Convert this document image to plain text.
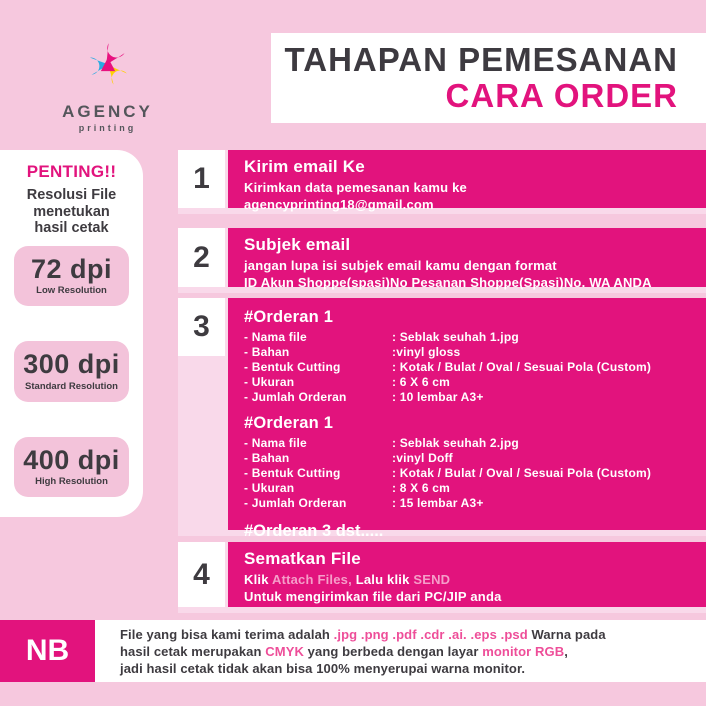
AGENCY
printing
TAHAPAN PEMESANAN
CARA ORDER
PENTING!!
Resolusi File
menetukan
hasil cetak
72 dpi
Low Resolution
300 dpi
Standard Resolution
400 dpi
High Resolution
1	Kirim email Ke
Kirimkan data pemesanan kamu ke
agencyprinting18@gmail.com
2	Subjek email
jangan lupa isi subjek email kamu dengan format
ID Akun Shoppe(spasi)No Pesanan Shoppe(Spasi)No. WA ANDA
3	#Orderan 1
- Nama file	: Seblak seuhah 1.jpg
- Bahan	:vinyl gloss
- Bentuk Cutting	: Kotak / Bulat / Oval / Sesuai Pola (Custom)
- Ukuran	: 6 X 6 cm
- Jumlah Orderan	: 10 lembar A3+
#Orderan 1
- Nama file	: Seblak seuhah 2.jpg
- Bahan	:vinyl Doff
- Bentuk Cutting	: Kotak / Bulat / Oval / Sesuai Pola (Custom)
- Ukuran	: 8 X 6 cm
- Jumlah Orderan	: 15 lembar A3+
#Orderan 3 dst.....
4	Sematkan File
Klik Attach Files, Lalu klik SEND
Untuk mengirimkan file dari PC/JIP anda
NB	File yang bisa kami terima adalah .jpg .png .pdf .cdr .ai. .eps .psd Warna pada
hasil cetak merupakan CMYK yang berbeda dengan layar monitor RGB,
jadi hasil cetak tidak akan bisa 100% menyerupai warna monitor.
